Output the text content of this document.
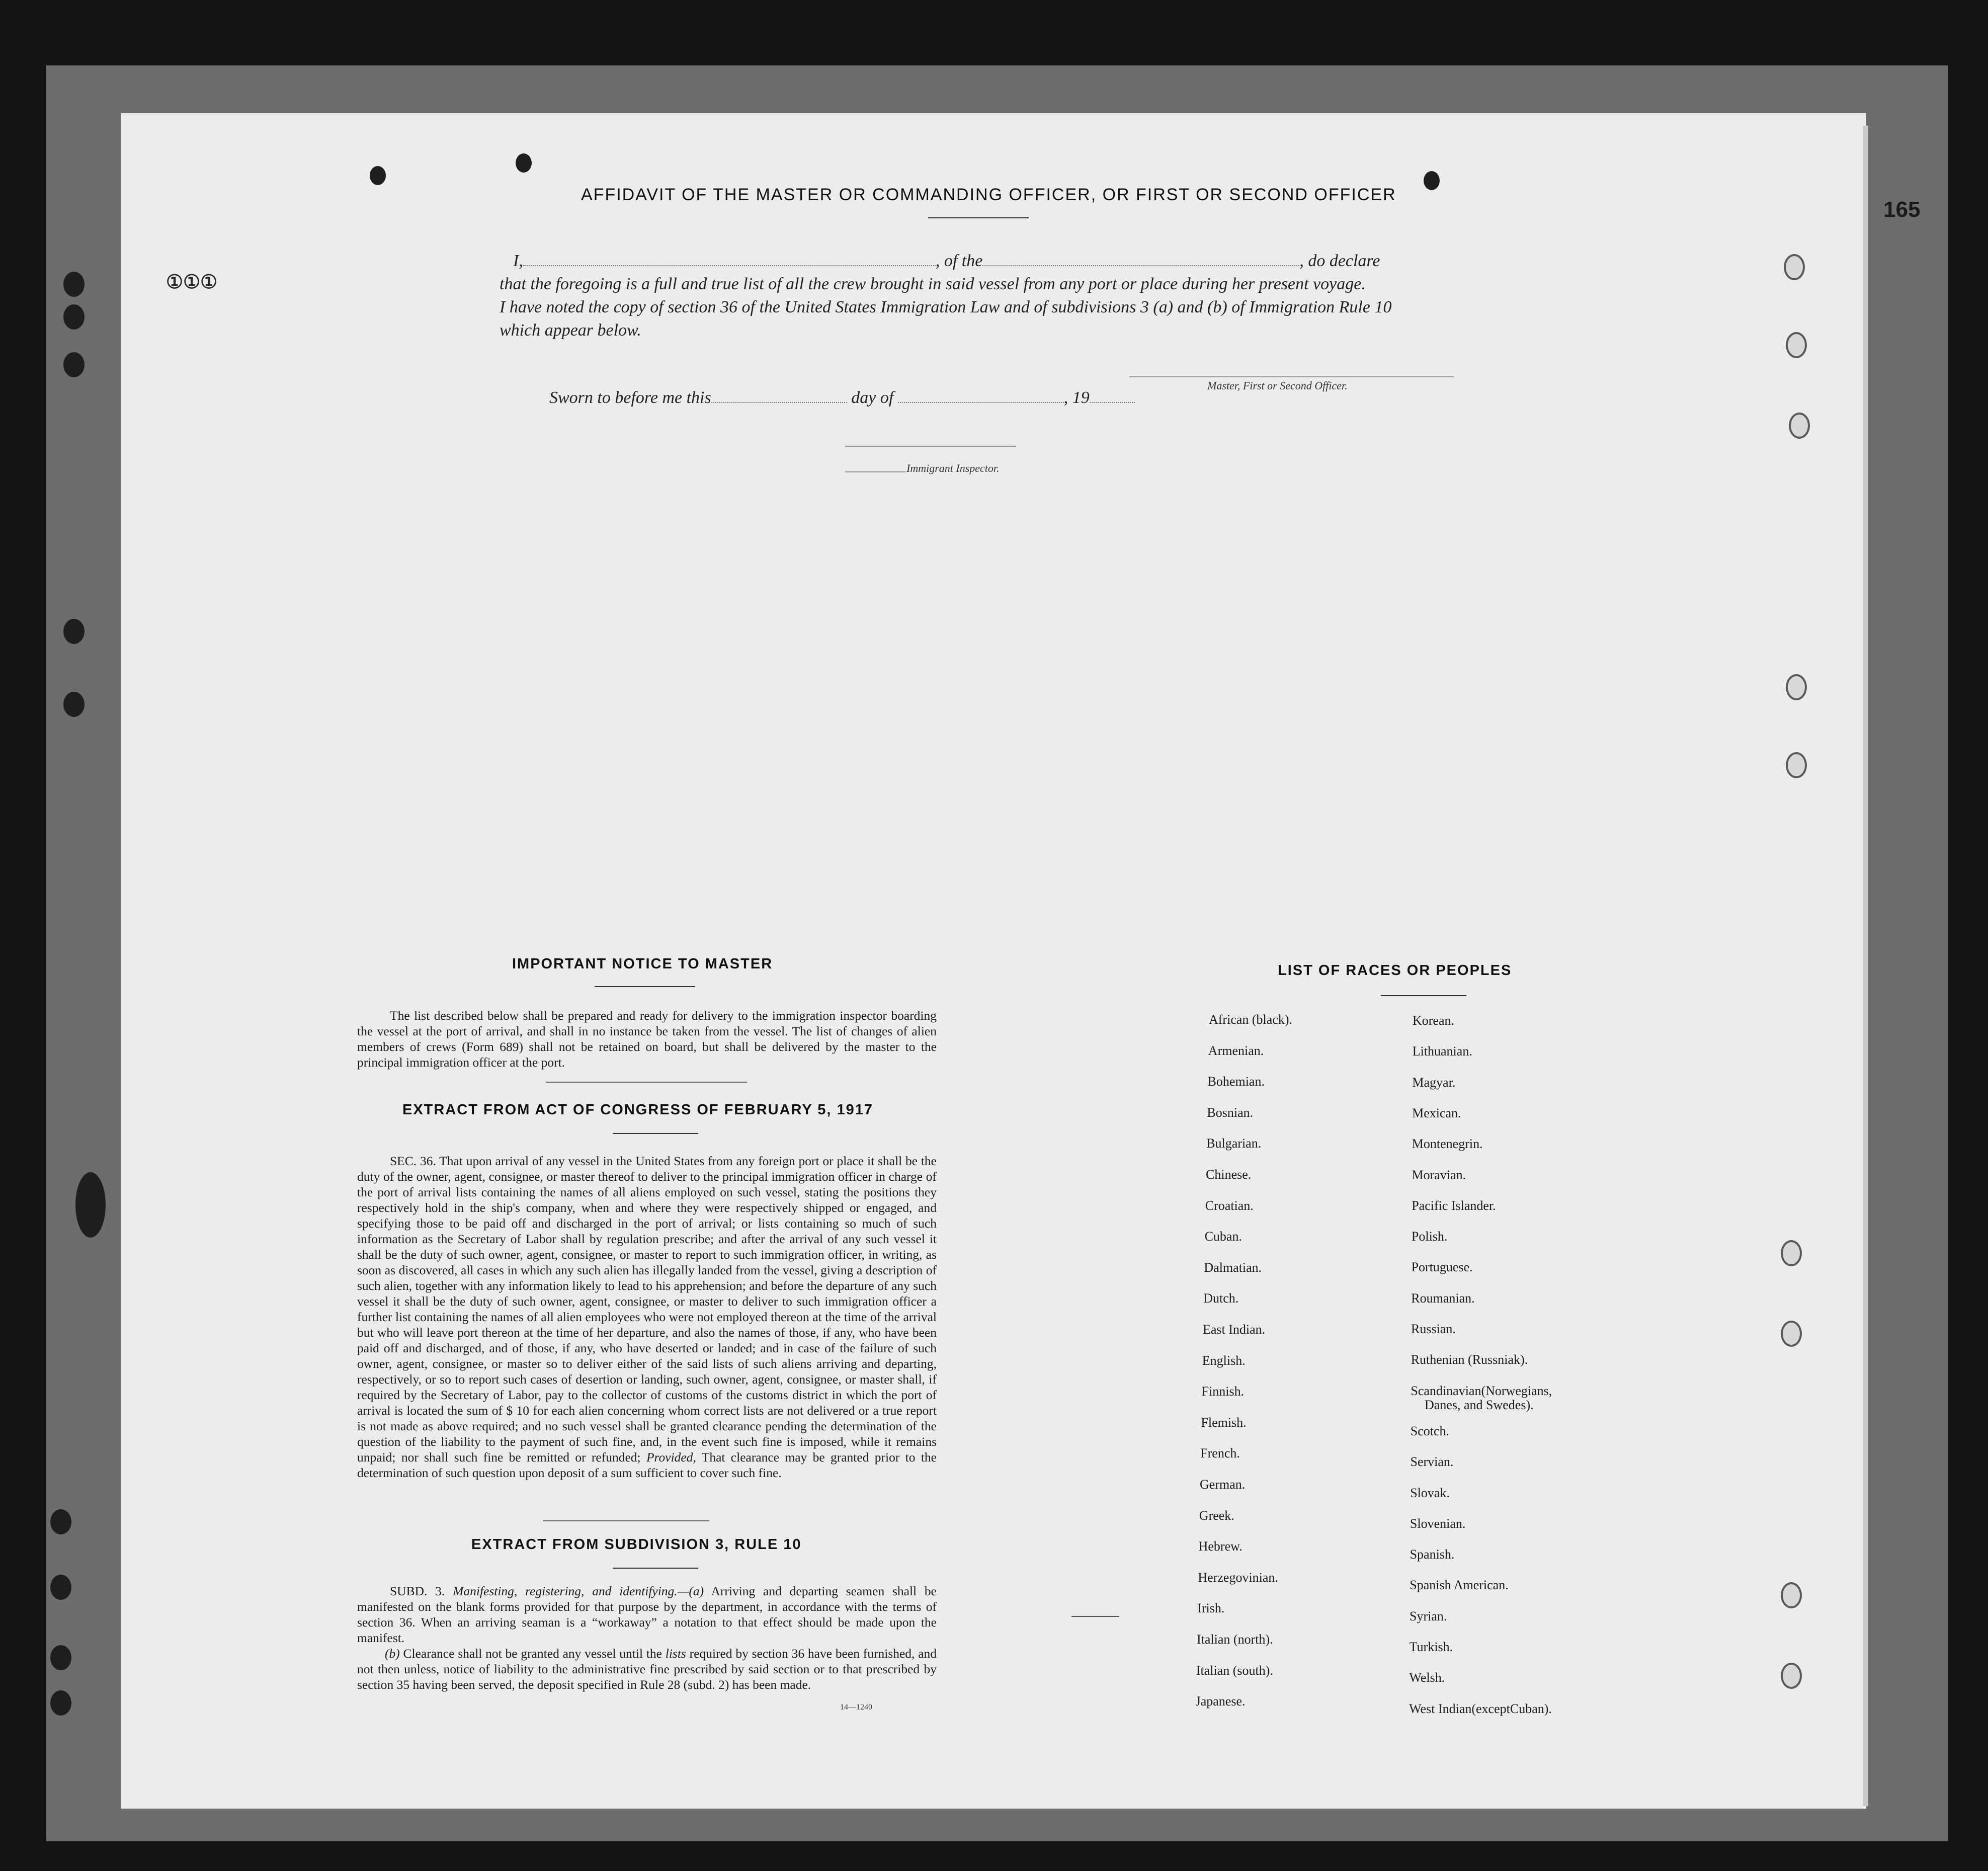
①①①
165
AFFIDAVIT OF THE MASTER OR COMMANDING OFFICER, OR FIRST OR SECOND OFFICER
I,	, of the	, do declare
that the foregoing is a full and true list of all the crew brought in said vessel from any port or place during her present voyage.
I have noted the copy of section 36 of the United States Immigration Law and of subdivisions 3 (a) and (b) of Immigration Rule 10
which appear below.
Master, First or Second Officer.
Sworn to before me this	day of	, 19
Immigrant Inspector.
IMPORTANT NOTICE TO MASTER

The list described below shall be prepared and ready for delivery to the immigration inspector boarding the vessel at the port of arrival, and shall in no instance be taken from the vessel. The list of changes of alien members of crews (Form 689) shall not be retained on board, but shall be delivered by the master to the principal immigration officer at the port.

EXTRACT FROM ACT OF CONGRESS OF FEBRUARY 5, 1917

SEC. 36. That upon arrival of any vessel in the United States from any foreign port or place it shall be the duty of the owner, agent, consignee, or master thereof to deliver to the principal immigration officer in charge of the port of arrival lists containing the names of all aliens employed on such vessel, stating the positions they respectively hold in the ship's company, when and where they were respectively shipped or engaged, and specifying those to be paid off and discharged in the port of arrival; or lists containing so much of such information as the Secretary of Labor shall by regulation prescribe; and after the arrival of any such vessel it shall be the duty of such owner, agent, consignee, or master to report to such immigration officer, in writing, as soon as discovered, all cases in which any such alien has illegally landed from the vessel, giving a description of such alien, together with any information likely to lead to his apprehension; and before the departure of any such vessel it shall be the duty of such owner, agent, consignee, or master to deliver to such immigration officer a further list containing the names of all alien employees who were not employed thereon at the time of the arrival but who will leave port thereon at the time of her departure, and also the names of those, if any, who have been paid off and discharged, and of those, if any, who have deserted or landed; and in case of the failure of such owner, agent, consignee, or master so to deliver either of the said lists of such aliens arriving and departing, respectively, or so to report such cases of desertion or landing, such owner, agent, consignee, or master shall, if required by the Secretary of Labor, pay to the collector of customs of the customs district in which the port of arrival is located the sum of $ 10 for each alien concerning whom correct lists are not delivered or a true report is not made as above required; and no such vessel shall be granted clearance pending the determination of the question of the liability to the payment of such fine, and, in the event such fine is imposed, while it remains unpaid; nor shall such fine be remitted or refunded; Provided, That clearance may be granted prior to the determination of such question upon deposit of a sum sufficient to cover such fine.

EXTRACT FROM SUBDIVISION 3, RULE 10

SUBD. 3. Manifesting, registering, and identifying.—(a) Arriving and departing seamen shall be manifested on the blank forms provided for that purpose by the department, in accordance with the terms of section 36. When an arriving seaman is a “workaway” a notation to that effect should be made upon the manifest.

(b) Clearance shall not be granted any vessel until the lists required by section 36 have been furnished, and not then unless, notice of liability to the administrative fine prescribed by said section or to that prescribed by section 35 having been served, the deposit specified in Rule 28 (subd. 2) has been made.

14—1240
LIST OF RACES OR PEOPLES
African (black).
Armenian.
Bohemian.
Bosnian.
Bulgarian.
Chinese.
Croatian.
Cuban.
Dalmatian.
Dutch.
East Indian.
English.
Finnish.
Flemish.
French.
German.
Greek.
Hebrew.
Herzegovinian.
Irish.
Italian (north).
Italian (south).
Japanese.
Korean.
Lithuanian.
Magyar.
Mexican.
Montenegrin.
Moravian.
Pacific Islander.
Polish.
Portuguese.
Roumanian.
Russian.
Ruthenian (Russniak).
Scandinavian(Norwegians,
Danes, and Swedes).
Scotch.
Servian.
Slovak.
Slovenian.
Spanish.
Spanish American.
Syrian.
Turkish.
Welsh.
West Indian(exceptCuban).
